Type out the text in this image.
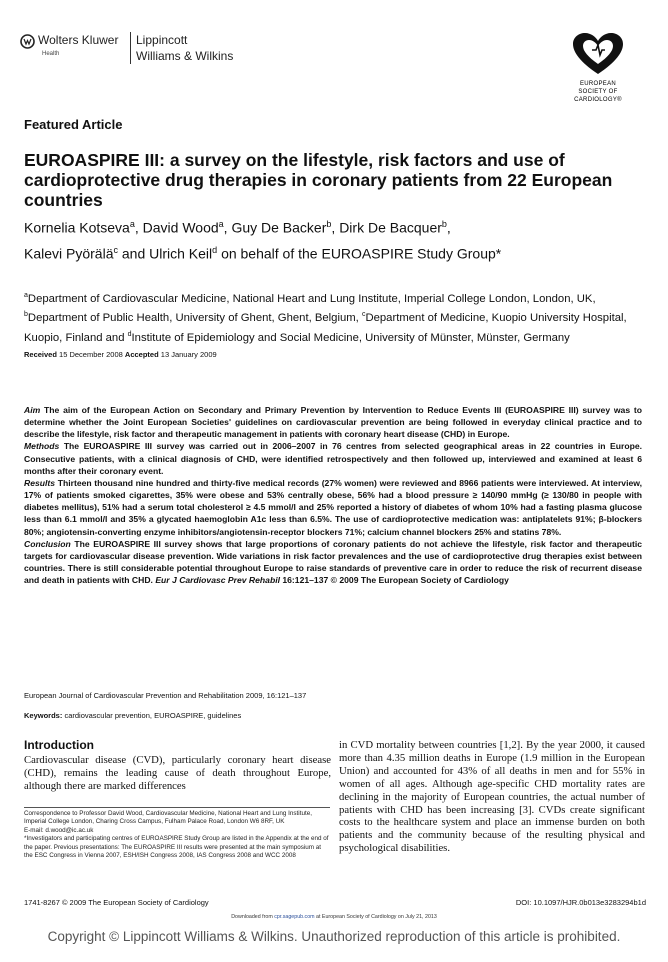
Wolters Kluwer
Health
Lippincott
Williams & Wilkins
EUROPEAN
SOCIETY OF
CARDIOLOGY®
Featured Article
EUROASPIRE III: a survey on the lifestyle, risk factors and use of cardioprotective drug therapies in coronary patients from 22 European countries
Kornelia Kotseva$^a$, David Wood$^a$, Guy De Backer$^b$, Dirk De Bacquer$^b$,
Kalevi Pyörälä$^c$ and Ulrich Keil$^d$ on behalf of the EUROASPIRE Study Group*
$^a$Department of Cardiovascular Medicine, National Heart and Lung Institute, Imperial College London, London, UK, $^b$Department of Public Health, University of Ghent, Ghent, Belgium, $^c$Department of Medicine, Kuopio University Hospital, Kuopio, Finland and $^d$Institute of Epidemiology and Social Medicine, University of Münster, Münster, Germany
Received 15 December 2008 Accepted 13 January 2009

Aim The aim of the European Action on Secondary and Primary Prevention by Intervention to Reduce Events III (EUROASPIRE III) survey was to determine whether the Joint European Societies' guidelines on cardiovascular prevention are being followed in everyday clinical practice and to describe the lifestyle, risk factor and therapeutic management in patients with coronary heart disease (CHD) in Europe.

Methods The EUROASPIRE III survey was carried out in 2006–2007 in 76 centres from selected geographical areas in 22 countries in Europe. Consecutive patients, with a clinical diagnosis of CHD, were identified retrospectively and then followed up, interviewed and examined at least 6 months after their coronary event.

Results Thirteen thousand nine hundred and thirty-five medical records (27% women) were reviewed and 8966 patients were interviewed. At interview, 17% of patients smoked cigarettes, 35% were obese and 53% centrally obese, 56% had a blood pressure ≥ 140/90 mmHg (≥ 130/80 in people with diabetes mellitus), 51% had a serum total cholesterol ≥ 4.5 mmol/l and 25% reported a history of diabetes of whom 10% had a fasting plasma glucose less than 6.1 mmol/l and 35% a glycated haemoglobin A1c less than 6.5%. The use of cardioprotective medication was: antiplatelets 91%; β-blockers 80%; angiotensin-converting enzyme inhibitors/angiotensin-receptor blockers 71%; calcium channel blockers 25% and statins 78%.

Conclusion The EUROASPIRE III survey shows that large proportions of coronary patients do not achieve the lifestyle, risk factor and therapeutic targets for cardiovascular disease prevention. Wide variations in risk factor prevalences and the use of cardioprotective drug therapies exist between countries. There is still considerable potential throughout Europe to raise standards of preventive care in order to reduce the risk of recurrent disease and death in patients with CHD. Eur J Cardiovasc Prev Rehabil 16:121–137 © 2009 The European Society of Cardiology

European Journal of Cardiovascular Prevention and Rehabilitation 2009, 16:121–137
Keywords: cardiovascular prevention, EUROASPIRE, guidelines
Introduction
Cardiovascular disease (CVD), particularly coronary heart disease (CHD), remains the leading cause of death throughout Europe, although there are marked differences
in CVD mortality between countries [1,2]. By the year 2000, it caused more than 4.35 million deaths in Europe (1.9 million in the European Union) and accounted for 43% of all deaths in men and for 55% in women of all ages. Although age-specific CHD mortality rates are declining in the majority of European countries, the actual number of patients with CHD has been increasing [3]. CVDs create significant costs to the healthcare system and place an immense burden on both patients and the community because of the resulting physical and psychological disabilities.

Correspondence to Professor David Wood, Cardiovascular Medicine, National Heart and Lung Institute, Imperial College London, Charing Cross Campus, Fulham Palace Road, London W6 8RF, UK

E-mail: d.wood@ic.ac.uk

*Investigators and participating centres of EUROASPIRE Study Group are listed in the Appendix at the end of the paper. Previous presentations: The EUROASPIRE III results were presented at the main symposium at the ESC Congress in Vienna 2007, ESH/ISH Congress 2008, IAS Congress 2008 and WCC 2008

1741-8267 © 2009 The European Society of Cardiology	DOI: 10.1097/HJR.0b013e3283294b1d
Downloaded from cpr.sagepub.com at European Society of Cardiology on July 21, 2013
Copyright © Lippincott Williams & Wilkins. Unauthorized reproduction of this article is prohibited.
